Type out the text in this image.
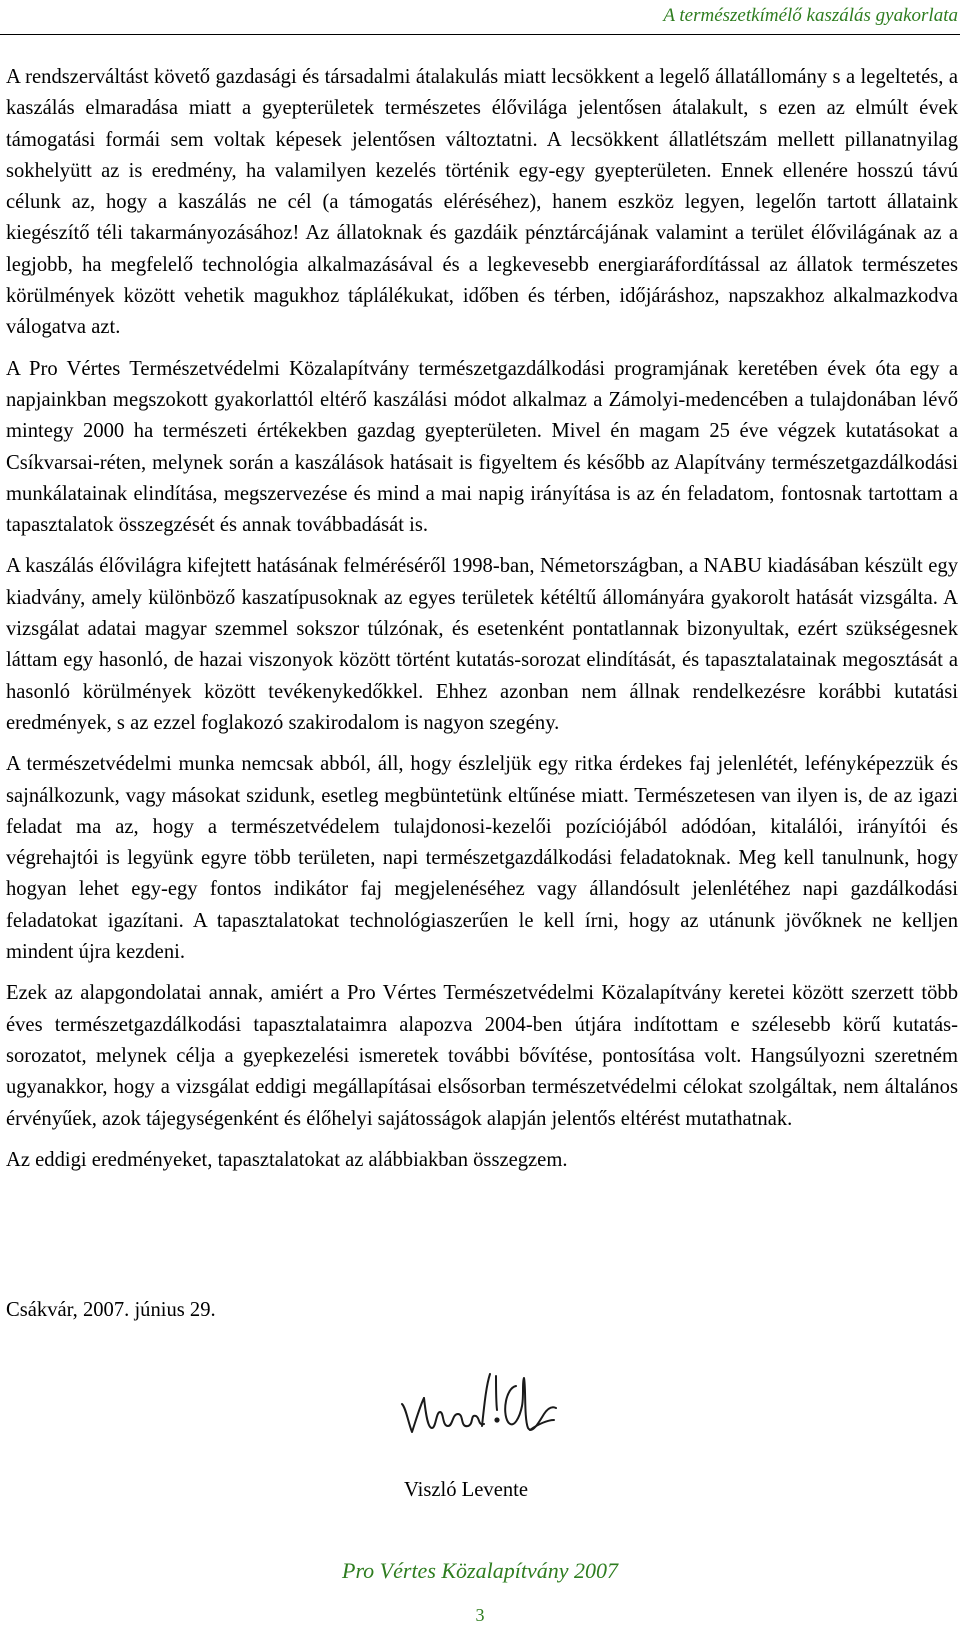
A természetkímélő kaszálás gyakorlata

A rendszerváltást követő gazdasági és társadalmi átalakulás miatt lecsökkent a legelő állatállomány s a legeltetés, a kaszálás elmaradása miatt a gyepterületek természetes élővilága jelentősen átalakult, s ezen az elmúlt évek támogatási formái sem voltak képesek jelentősen változtatni. A lecsökkent állatlétszám mellett pillanatnyilag sokhelyütt az is eredmény, ha valamilyen kezelés történik egy-egy gyepterületen. Ennek ellenére hosszú távú célunk az, hogy a kaszálás ne cél (a támogatás eléréséhez), hanem eszköz legyen, legelőn tartott állataink kiegészítő téli takarmányozásához! Az állatoknak és gazdáik pénztárcájának valamint a terület élővilágának az a legjobb, ha megfelelő technológia alkalmazásával és a legkevesebb energiaráfordítással az állatok természetes körülmények között vehetik magukhoz táplálékukat, időben és térben, időjáráshoz, napszakhoz alkalmazkodva válogatva azt.

A Pro Vértes Természetvédelmi Közalapítvány természetgazdálkodási programjának keretében évek óta egy a napjainkban megszokott gyakorlattól eltérő kaszálási módot alkalmaz a Zámolyi-medencében a tulajdonában lévő mintegy 2000 ha természeti értékekben gazdag gyepterületen. Mivel én magam 25 éve végzek kutatásokat a Csíkvarsai-réten, melynek során a kaszálások hatásait is figyeltem és később az Alapítvány természetgazdálkodási munkálatainak elindítása, megszervezése és mind a mai napig irányítása is az én feladatom, fontosnak tartottam a tapasztalatok összegzését és annak továbbadását is.

A kaszálás élővilágra kifejtett hatásának felméréséről 1998-ban, Németországban, a NABU kiadásában készült egy kiadvány, amely különböző kaszatípusoknak az egyes területek kétéltű állományára gyakorolt hatását vizsgálta. A vizsgálat adatai magyar szemmel sokszor túlzónak, és esetenként pontatlannak bizonyultak, ezért szükségesnek láttam egy hasonló, de hazai viszonyok között történt kutatás-sorozat elindítását, és tapasztalatainak megosztását a hasonló körülmények között tevékenykedőkkel. Ehhez azonban nem állnak rendelkezésre korábbi kutatási eredmények, s az ezzel foglakozó szakirodalom is nagyon szegény.

A természetvédelmi munka nemcsak abból, áll, hogy észleljük egy ritka érdekes faj jelenlétét, lefényképezzük és sajnálkozunk, vagy másokat szidunk, esetleg megbüntetünk eltűnése miatt. Természetesen van ilyen is, de az igazi feladat ma az, hogy a természetvédelem tulajdonosi-kezelői pozíciójából adódóan, kitalálói, irányítói és végrehajtói is legyünk egyre több területen, napi természetgazdálkodási feladatoknak. Meg kell tanulnunk, hogy hogyan lehet egy-egy fontos indikátor faj megjelenéséhez vagy állandósult jelenlétéhez napi gazdálkodási feladatokat igazítani. A tapasztalatokat technológiaszerűen le kell írni, hogy az utánunk jövőknek ne kelljen mindent újra kezdeni.

Ezek az alapgondolatai annak, amiért a Pro Vértes Természetvédelmi Közalapítvány keretei között szerzett több éves természetgazdálkodási tapasztalataimra alapozva 2004-ben útjára indítottam e szélesebb körű kutatás-sorozatot, melynek célja a gyepkezelési ismeretek további bővítése, pontosítása volt. Hangsúlyozni szeretném ugyanakkor, hogy a vizsgálat eddigi megállapításai elsősorban természetvédelmi célokat szolgáltak, nem általános érvényűek, azok tájegységenként és élőhelyi sajátosságok alapján jelentős eltérést mutathatnak.

Az eddigi eredményeket, tapasztalatokat az alábbiakban összegzem.

Csákvár, 2007. június 29.
Viszló Levente
Pro Vértes Közalapítvány 2007
3
